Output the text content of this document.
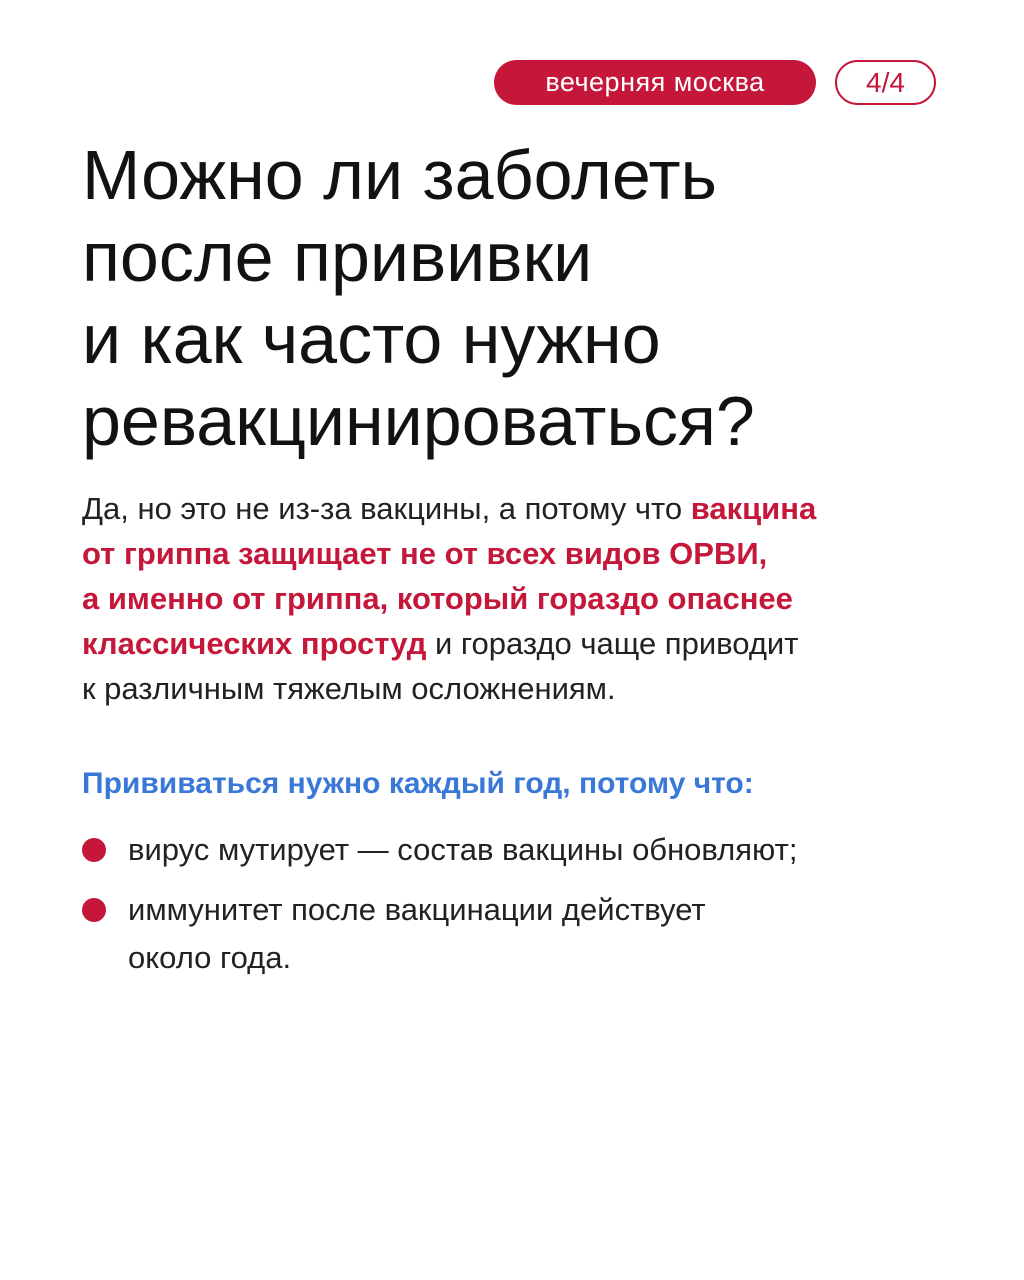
вечерняя москва	4/4
Можно ли заболеть
после прививки
и как часто нужно
ревакцинироваться?

Да, но это не из-за вакцины, а потому что вакцина
от гриппа защищает не от всех видов ОРВИ,
а именно от гриппа, который гораздо опаснее
классических простуд и гораздо чаще приводит
к различным тяжелым осложнениям.

Прививаться нужно каждый год, потому что:
вирус мутирует — состав вакцины обновляют;
иммунитет после вакцинации действует
около года.
